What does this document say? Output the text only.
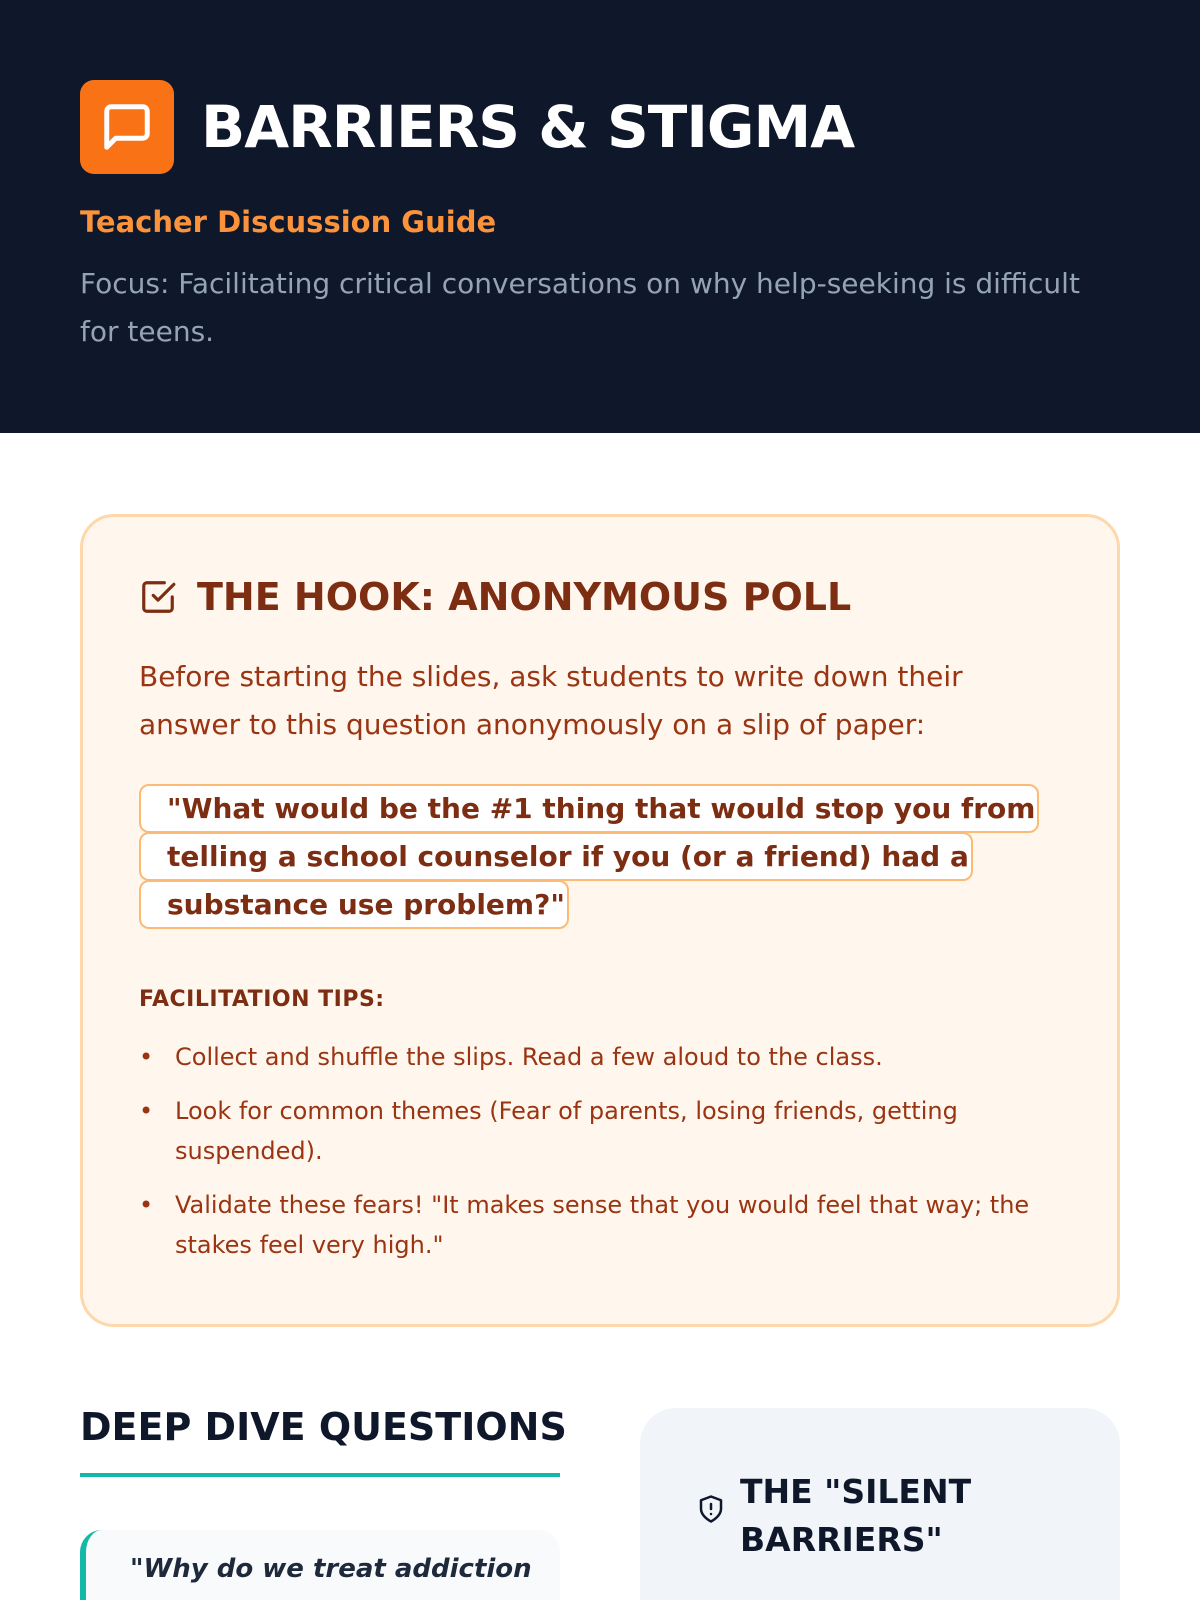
BARRIERS & STIGMA
Teacher Discussion Guide

Focus: Facilitating critical conversations on why help-seeking is difficult for teens.

THE HOOK: ANONYMOUS POLL

Before starting the slides, ask students to write down their answer to this question anonymously on a slip of paper:

"What would be the #1 thing that would stop you from telling a school counselor if you (or a friend) had a substance use problem?"

FACILITATION TIPS:
• Collect and shuffle the slips. Read a few aloud to the class.
• Look for common themes (Fear of parents, losing friends, getting suspended).
• Validate these fears! "It makes sense that you would feel that way; the stakes feel very high."
DEEP DIVE QUESTIONS

"Why do we treat addiction

THE "SILENT BARRIERS"
